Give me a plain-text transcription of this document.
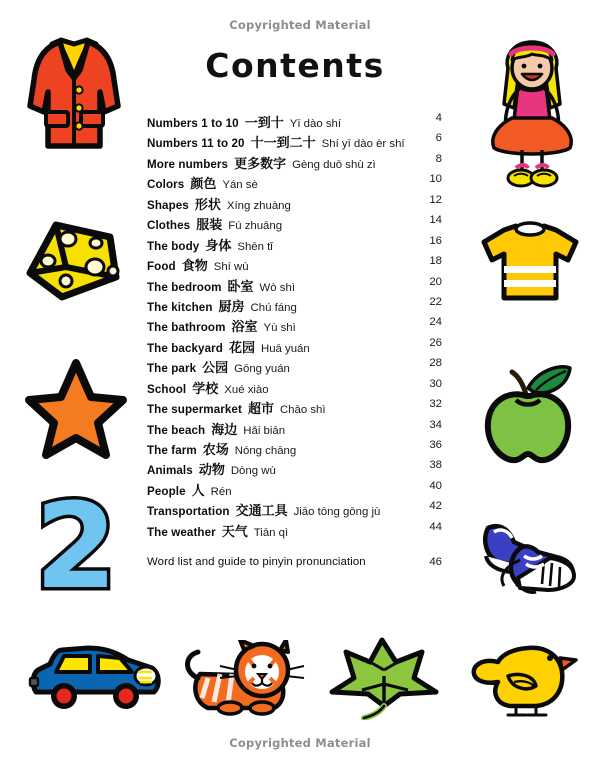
Copyrighted Material
Copyrighted Material
Contents
Numbers 1 to 10 一到十 Yī dào shí	4
Numbers 11 to 20 十一到二十 Shí yī dào èr shí	6
More numbers 更多数字 Gèng duō shù zì	8
Colors 颜色 Yán sè	10
Shapes 形状 Xíng zhuàng	12
Clothes 服装 Fú zhuāng	14
The body 身体 Shēn tǐ	16
Food 食物 Shí wù	18
The bedroom 卧室 Wò shì	20
The kitchen 厨房 Chú fáng	22
The bathroom 浴室 Yù shì	24
The backyard 花园 Huā yuán	26
The park 公园 Gōng yuán	28
School 学校 Xué xiào	30
The supermarket 超市 Chāo shì	32
The beach 海边 Hǎi biān	34
The farm 农场 Nóng chāng	36
Animals 动物 Dòng wù	38
People 人 Rén	40
Transportation 交通工具 Jiāo tōng gōng jù	42
The weather 天气 Tiān qì	44
Word list and guide to pinyin pronunciation	46
2
